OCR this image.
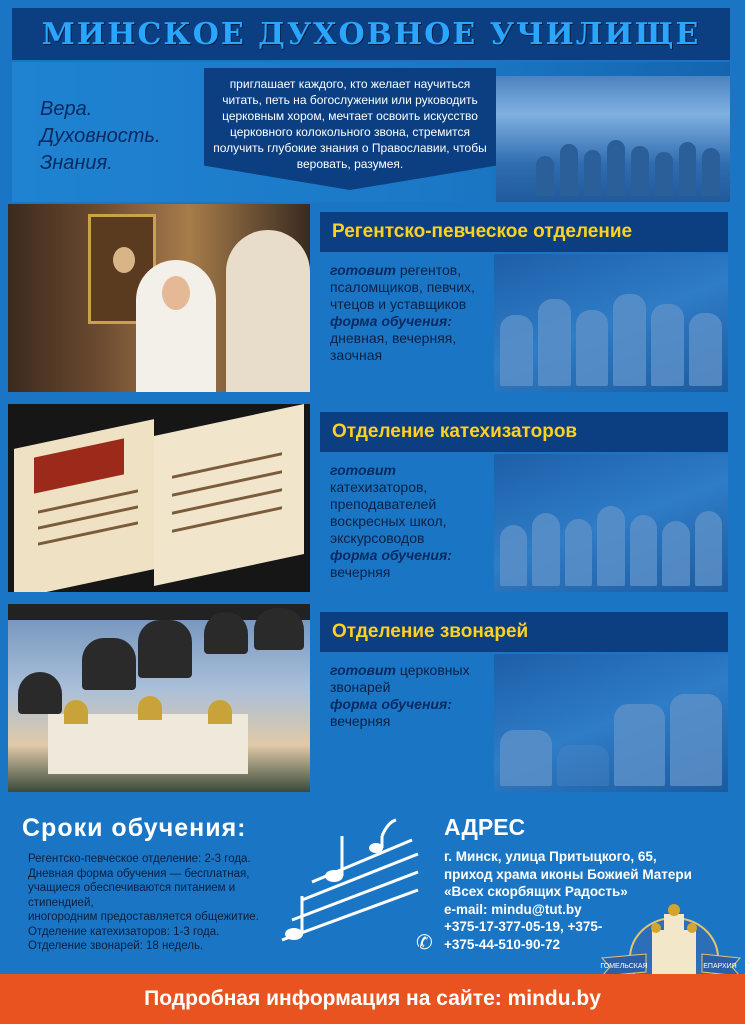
МИНСКОЕ ДУХОВНОЕ УЧИЛИЩЕ
Вера.
Духовность.
Знания.
приглашает каждого, кто желает научиться читать, петь на богослужении или руководить церковным хором, мечтает освоить искусство церковного колокольного звона, стремится получить глубокие знания о Православии, чтобы веровать, разумея.
Регентско-певческое отделение
готовит регентов, псаломщиков, певчих, чтецов и уставщиков
форма обучения:
дневная, вечерняя, заочная
Отделение катехизаторов
готовит
катехизаторов, преподавателей воскресных школ, экскурсоводов
форма обучения:
вечерняя
Отделение звонарей
готовит церковных звонарей
форма обучения:
вечерняя
Сроки обучения:
Регентско-певческое отделение: 2-3 года.
Дневная форма обучения — бесплатная,
учащиеся обеспечиваются питанием и стипендией,
иногородним предоставляется общежитие.
Отделение катехизаторов: 1-3 года.
Отделение звонарей: 18 недель.
АДРЕС
г. Минск, улица Притыцкого, 65,
приход храма иконы Божией Матери
«Всех скорбящих Радость»
e-mail: mindu@tut.by
+375-17-377-05-19, +375-
+375-44-510-90-72
✆
ГОМЕЛЬСКАЯ	ЕПАРХИЯ
Подробная информация на сайте: mindu.by
